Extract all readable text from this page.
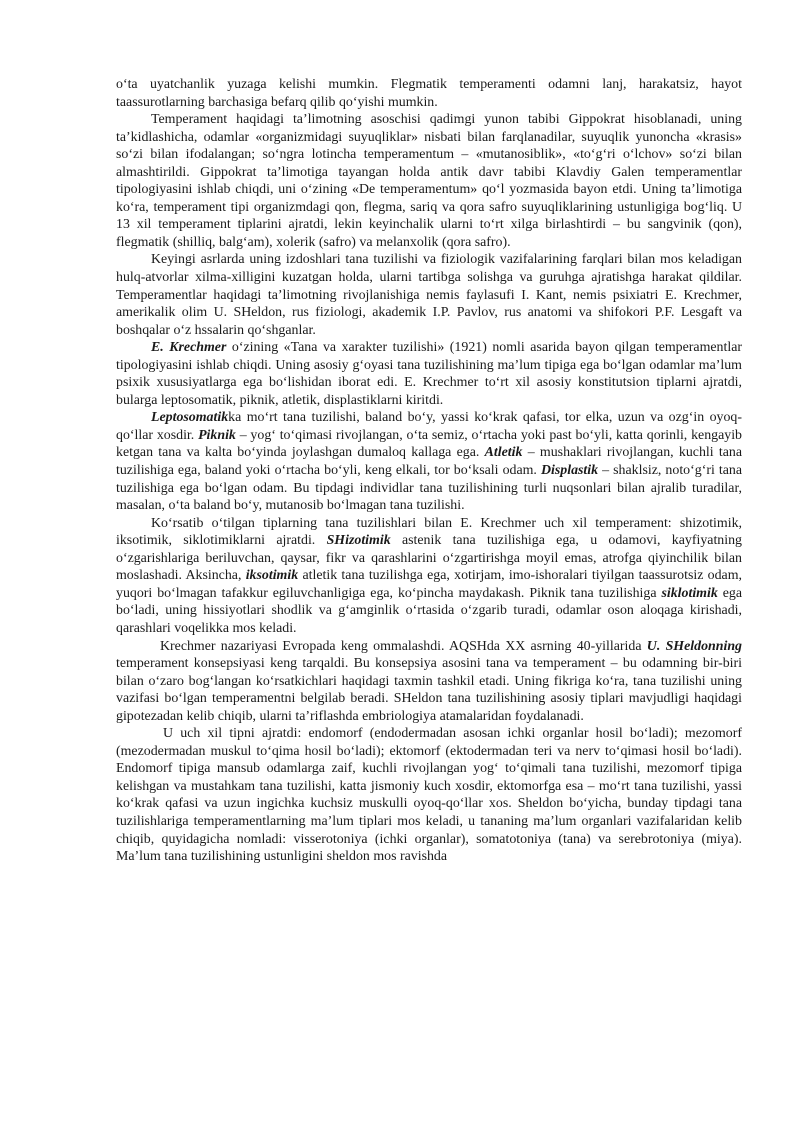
o‘ta uyatchanlik yuzaga kelishi mumkin. Flegmatik temperamenti odamni lanj, harakatsiz, hayot taassurotlarning barchasiga befarq qilib qo‘yishi mumkin.

Temperament haqidagi ta’limotning asoschisi qadimgi yunon tabibi Gippokrat hisoblanadi, uning ta’kidlashicha, odamlar «organizmidagi suyuqliklar» nisbati bilan farqlanadilar, suyuqlik yunoncha «krasis» so‘zi bilan ifodalangan; so‘ngra lotincha temperamentum – «mutanosiblik», «to‘g‘ri o‘lchov» so‘zi bilan almashtirildi. Gippokrat ta’limotiga tayangan holda antik davr tabibi Klavdiy Galen temperamentlar tipologiyasini ishlab chiqdi, uni o‘zining «De temperamentum» qo‘l yozmasida bayon etdi. Uning ta’limotiga ko‘ra, temperament tipi organizmdagi qon, flegma, sariq va qora safro suyuqliklarining ustunligiga bog‘liq. U 13 xil temperament tiplarini ajratdi, lekin keyinchalik ularni to‘rt xilga birlashtirdi – bu sangvinik (qon), flegmatik (shilliq, balg‘am), xolerik (safro) va melanxolik (qora safro).

Keyingi asrlarda uning izdoshlari tana tuzilishi va fiziologik vazifalarining farqlari bilan mos keladigan hulq-atvorlar xilma-xilligini kuzatgan holda, ularni tartibga solishga va guruhga ajratishga harakat qildilar. Temperamentlar haqidagi ta’limotning rivojlanishiga nemis faylasufi I. Kant, nemis psixiatri E. Krechmer, amerikalik olim U. SHeldon, rus fiziologi, akademik I.P. Pavlov, rus anatomi va shifokori P.F. Lesgaft va boshqalar o‘z hssalarin qo‘shganlar.

E. Krechmer o‘zining «Tana va xarakter tuzilishi» (1921) nomli asarida bayon qilgan temperamentlar tipologiyasini ishlab chiqdi. Uning asosiy g‘oyasi tana tuzilishining ma’lum tipiga ega bo‘lgan odamlar ma’lum psixik xususiyatlarga ega bo‘lishidan iborat edi. E. Krechmer to‘rt xil asosiy konstitutsion tiplarni ajratdi, bularga leptosomatik, piknik, atletik, displastiklarni kiritdi.

Leptosomatikka mo‘rt tana tuzilishi, baland bo‘y, yassi ko‘krak qafasi, tor elka, uzun va ozg‘in oyoq-qo‘llar xosdir. Piknik – yog‘ to‘qimasi rivojlangan, o‘ta semiz, o‘rtacha yoki past bo‘yli, katta qorinli, kengayib ketgan tana va kalta bo‘yinda joylashgan dumaloq kallaga ega. Atletik – mushaklari rivojlangan, kuchli tana tuzilishiga ega, baland yoki o‘rtacha bo‘yli, keng elkali, tor bo‘ksali odam. Displastik – shaklsiz, noto‘g‘ri tana tuzilishiga ega bo‘lgan odam. Bu tipdagi individlar tana tuzilishining turli nuqsonlari bilan ajralib turadilar, masalan, o‘ta baland bo‘y, mutanosib bo‘lmagan tana tuzilishi.

Ko‘rsatib o‘tilgan tiplarning tana tuzilishlari bilan E. Krechmer uch xil temperament: shizotimik, iksotimik, siklotimiklarni ajratdi. SHizotimik astenik tana tuzilishiga ega, u odamovi, kayfiyatning o‘zgarishlariga beriluvchan, qaysar, fikr va qarashlarini o‘zgartirishga moyil emas, atrofga qiyinchilik bilan moslashadi. Aksincha, iksotimik atletik tana tuzilishga ega, xotirjam, imo-ishoralari tiyilgan taassurotsiz odam, yuqori bo‘lmagan tafakkur egiluvchanligiga ega, ko‘pincha maydakash. Piknik tana tuzilishiga siklotimik ega bo‘ladi, uning hissiyotlari shodlik va g‘amginlik o‘rtasida o‘zgarib turadi, odamlar oson aloqaga kirishadi, qarashlari voqelikka mos keladi.

Krechmer nazariyasi Evropada keng ommalashdi. AQSHda XX asrning 40-yillarida U. SHeldonning temperament konsepsiyasi keng tarqaldi. Bu konsepsiya asosini tana va temperament – bu odamning bir-biri bilan o‘zaro bog‘langan ko‘rsatkichlari haqidagi taxmin tashkil etadi. Uning fikriga ko‘ra, tana tuzilishi uning vazifasi bo‘lgan temperamentni belgilab beradi. SHeldon tana tuzilishining asosiy tiplari mavjudligi haqidagi gipotezadan kelib chiqib, ularni ta’riflashda embriologiya atamalaridan foydalanadi.

U uch xil tipni ajratdi: endomorf (endodermadan asosan ichki organlar hosil bo‘ladi); mezomorf (mezodermadan muskul to‘qima hosil bo‘ladi); ektomorf (ektodermadan teri va nerv to‘qimasi hosil bo‘ladi). Endomorf tipiga mansub odamlarga zaif, kuchli rivojlangan yog‘ to‘qimali tana tuzilishi, mezomorf tipiga kelishgan va mustahkam tana tuzilishi, katta jismoniy kuch xosdir, ektomorfga esa – mo‘rt tana tuzilishi, yassi ko‘krak qafasi va uzun ingichka kuchsiz muskulli oyoq-qo‘llar xos. Sheldon bo‘yicha, bunday tipdagi tana tuzilishlariga temperamentlarning ma’lum tiplari mos keladi, u tananing ma’lum organlari vazifalaridan kelib chiqib, quyidagicha nomladi: visserotoniya (ichki organlar), somatotoniya (tana) va serebrotoniya (miya). Ma’lum tana tuzilishining ustunligini sheldon mos ravishda
